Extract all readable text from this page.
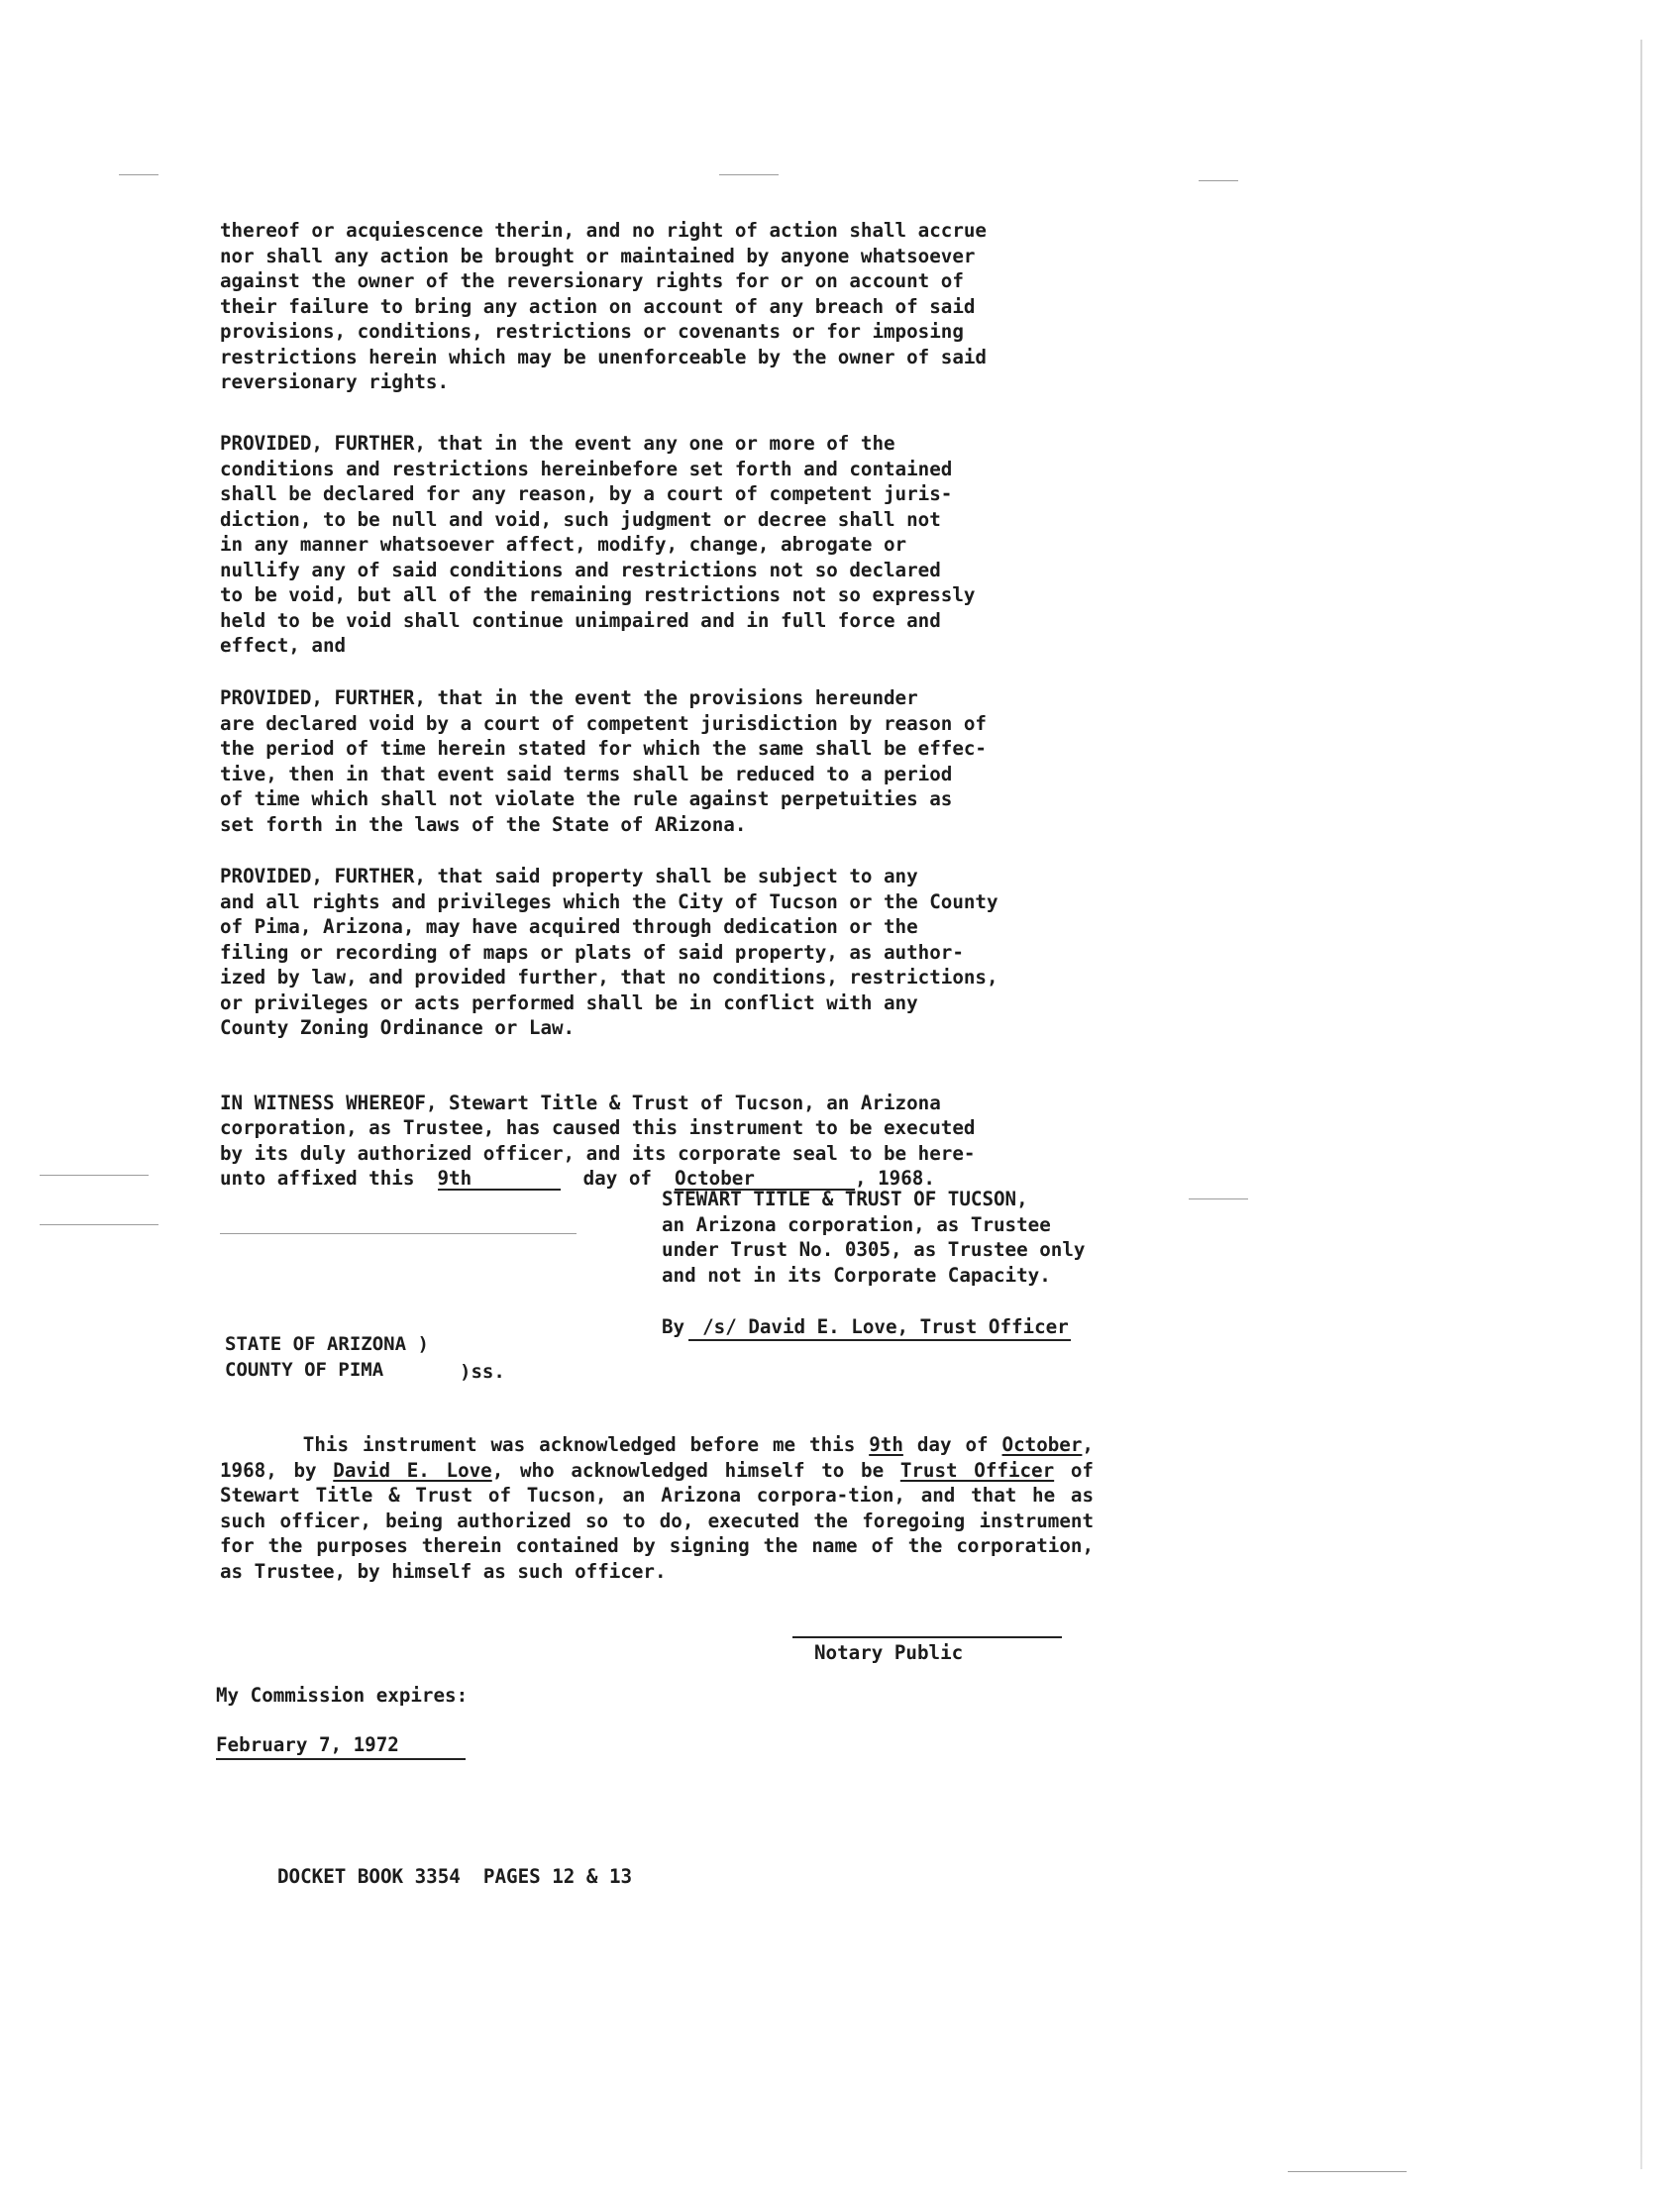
thereof or acquiescence therin, and no right of action shall accrue
nor shall any action be brought or maintained by anyone whatsoever
against the owner of the reversionary rights for or on account of
their failure to bring any action on account of any breach of said
provisions, conditions, restrictions or covenants or for imposing
restrictions herein which may be unenforceable by the owner of said
reversionary rights.

PROVIDED, FURTHER, that in the event any one or more of the
conditions and restrictions hereinbefore set forth and contained
shall be declared for any reason, by a court of competent juris-
diction, to be null and void, such judgment or decree shall not
in any manner whatsoever affect, modify, change, abrogate or
nullify any of said conditions and restrictions not so declared
to be void, but all of the remaining restrictions not so expressly
held to be void shall continue unimpaired and in full force and
effect, and

PROVIDED, FURTHER, that in the event the provisions hereunder
are declared void by a court of competent jurisdiction by reason of
the period of time herein stated for which the same shall be effec-
tive, then in that event said terms shall be reduced to a period
of time which shall not violate the rule against perpetuities as
set forth in the laws of the State of ARizona.

PROVIDED, FURTHER, that said property shall be subject to any
and all rights and privileges which the City of Tucson or the County
of Pima, Arizona, may have acquired through dedication or the
filing or recording of maps or plats of said property, as author-
ized by law, and provided further, that no conditions, restrictions,
or privileges or acts performed shall be in conflict with any
County Zoning Ordinance or Law.

IN WITNESS WHEREOF, Stewart Title & Trust of Tucson, an Arizona
corporation, as Trustee, has caused this instrument to be executed
by its duly authorized officer, and its corporate seal to be here-

unto affixed this 9th	day of October	, 1968.

STEWART TITLE & TRUST OF TUCSON,
an Arizona corporation, as Trustee
under Trust No. 0305, as Trustee only
and not in its Corporate Capacity.
By /s/ David E. Love, Trust Officer
STATE OF ARIZONA )
COUNTY OF PIMA	)ss.
This instrument was acknowledged before me this 9th day of October, 1968, by David E. Love, who acknowledged himself to be Trust Officer of Stewart Title & Trust of Tucson, an Arizona corpora-tion, and that he as such officer, being authorized so to do, executed the foregoing instrument for the purposes therein contained by signing the name of the corporation, as Trustee, by himself as such officer.
Notary Public
My Commission expires:
February 7, 1972
DOCKET BOOK 3354  PAGES 12 & 13
